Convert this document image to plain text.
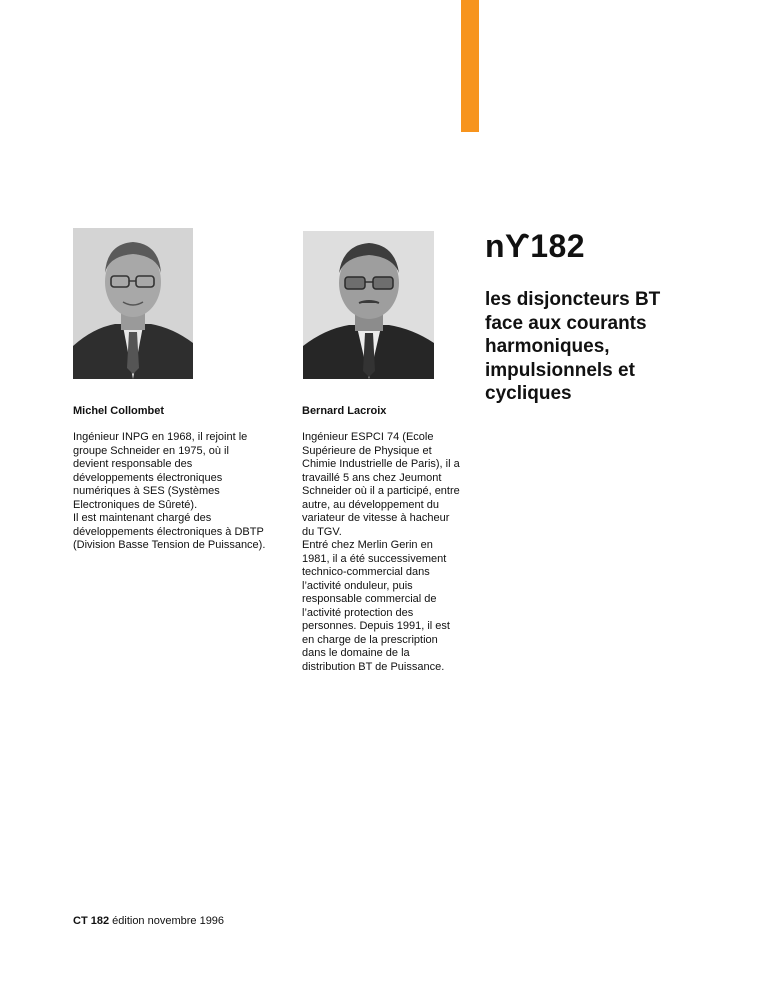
Michel Collombet	Bernard Lacroix
Ingénieur INPG en 1968, il rejoint le
groupe Schneider en 1975, où il
devient responsable des
développements électroniques
numériques à SES (Systèmes
Electroniques de Sûreté).
Il est maintenant chargé des
développements électroniques à DBTP
(Division Basse Tension de Puissance).
Ingénieur ESPCI 74 (Ecole
Supérieure de Physique et
Chimie Industrielle de Paris), il a
travaillé 5 ans chez Jeumont
Schneider où il a participé, entre
autre, au développement du
variateur de vitesse à hacheur
du TGV.
Entré chez Merlin Gerin en
1981, il a été successivement
technico-commercial dans
l’activité onduleur, puis
responsable commercial de
l’activité protection des
personnes. Depuis 1991, il est
en charge de la prescription
dans le domaine de la
distribution BT de Puissance.
nϒ182
les disjoncteurs BT
face aux courants
harmoniques,
impulsionnels et
cycliques
CT 182 édition novembre 1996
